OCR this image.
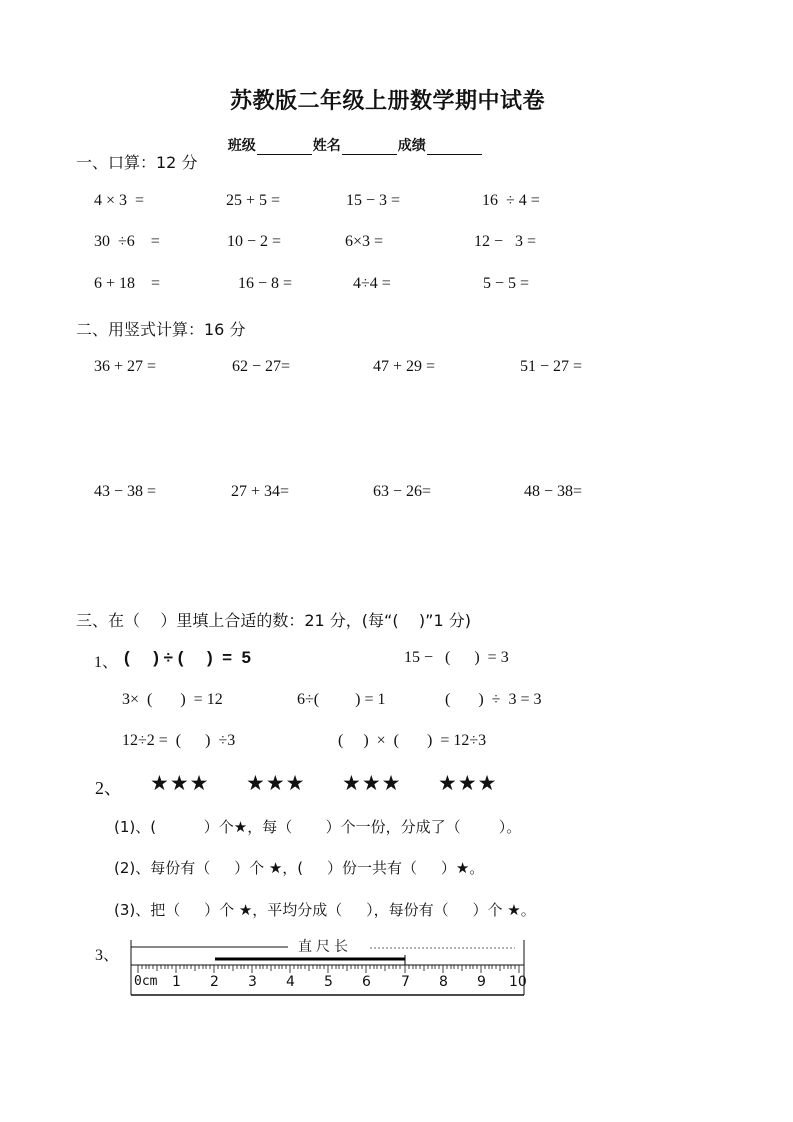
苏教版二年级上册数学期中试卷

班级	姓名	成绩

一、口算：12 分
4 × 3  =	25 + 5 =	15 − 3 =	16  ÷ 4 =
30  ÷6    =	10 − 2 =	6×3 =	12 −   3 =
6 + 18    =	16 − 8 =	4÷4 =	5 − 5 =
二、用竖式计算：16 分
36 + 27 =	62 − 27=	47 + 29 =	51 − 27 =
43 − 38 =	27 + 34=	63 − 26=	48 − 38=
三、在（    ）里填上合适的数：21 分，(每“(    )”1 分)
1、 (     ) ÷ (     )  =  5	15 −   (      )  = 3
3×  (       )  = 12	6÷(         ) = 1	(       )  ÷  3 = 3
12÷2 =  (      )  ÷3	(     )  ×  (       )  = 12÷3
2、 ★★★ ★★★ ★★★ ★★★
(1)、(          ）个★，每（       ）个一份，分成了（        ）。
(2)、每份有（     ）个 ★，(     ）份一共有（     ）★。
(3)、把（     ）个 ★，平均分成（     ），每份有（     ）个 ★。
3、	直尺长
0cm 1 2 3 4 5 6 7 8 9 10
